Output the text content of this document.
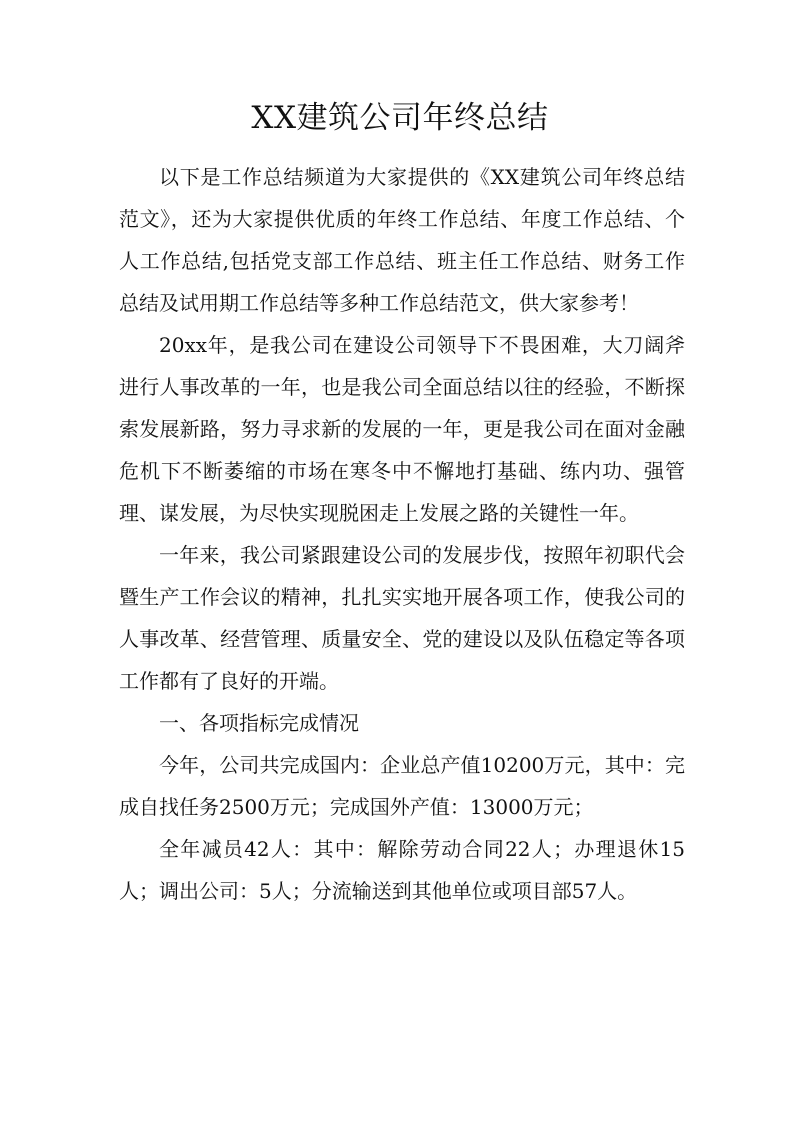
XX建筑公司年终总结

以下是工作总结频道为大家提供的《XX建筑公司年终总结范文》，还为大家提供优质的年终工作总结、年度工作总结、个人工作总结,包括党支部工作总结、班主任工作总结、财务工作总结及试用期工作总结等多种工作总结范文，供大家参考！

20xx年，是我公司在建设公司领导下不畏困难，大刀阔斧进行人事改革的一年，也是我公司全面总结以往的经验，不断探索发展新路，努力寻求新的发展的一年，更是我公司在面对金融危机下不断萎缩的市场在寒冬中不懈地打基础、练内功、强管理、谋发展，为尽快实现脱困走上发展之路的关键性一年。

一年来，我公司紧跟建设公司的发展步伐，按照年初职代会暨生产工作会议的精神，扎扎实实地开展各项工作，使我公司的人事改革、经营管理、质量安全、党的建设以及队伍稳定等各项工作都有了良好的开端。

一、各项指标完成情况

今年，公司共完成国内：企业总产值10200万元，其中：完成自找任务2500万元；完成国外产值：13000万元；

全年减员42人：其中：解除劳动合同22人；办理退休15人；调出公司：5人；分流输送到其他单位或项目部57人。
